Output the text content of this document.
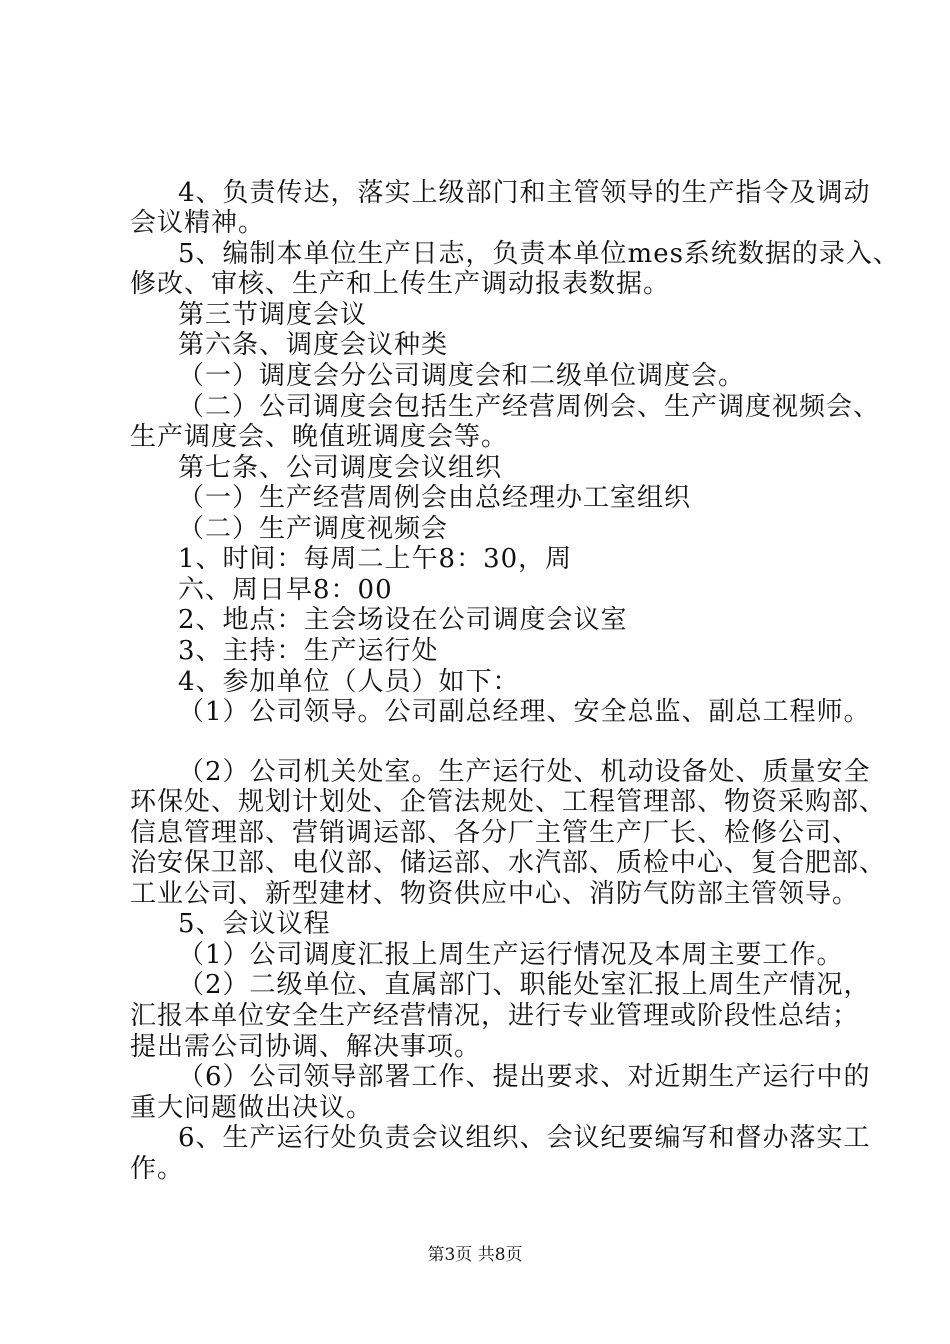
4、负责传达，落实上级部门和主管领导的生产指令及调动
会议精神。
5、编制本单位生产日志，负责本单位mes系统数据的录入、
修改、审核、生产和上传生产调动报表数据。
第三节调度会议
第六条、调度会议种类
（一）调度会分公司调度会和二级单位调度会。
（二）公司调度会包括生产经营周例会、生产调度视频会、
生产调度会、晚值班调度会等。
第七条、公司调度会议组织
（一）生产经营周例会由总经理办工室组织
（二）生产调度视频会
1、时间：每周二上午8：30，周
六、周日早8：00
2、地点：主会场设在公司调度会议室
3、主持：生产运行处
4、参加单位（人员）如下：
（1）公司领导。公司副总经理、安全总监、副总工程师。
（2）公司机关处室。生产运行处、机动设备处、质量安全
环保处、规划计划处、企管法规处、工程管理部、物资采购部、
信息管理部、营销调运部、各分厂主管生产厂长、检修公司、
治安保卫部、电仪部、储运部、水汽部、质检中心、复合肥部、
工业公司、新型建材、物资供应中心、消防气防部主管领导。
5、会议议程
（1）公司调度汇报上周生产运行情况及本周主要工作。
（2）二级单位、直属部门、职能处室汇报上周生产情况，
汇报本单位安全生产经营情况，进行专业管理或阶段性总结；
提出需公司协调、解决事项。
（6）公司领导部署工作、提出要求、对近期生产运行中的
重大问题做出决议。
6、生产运行处负责会议组织、会议纪要编写和督办落实工
作。
第3页 共8页
